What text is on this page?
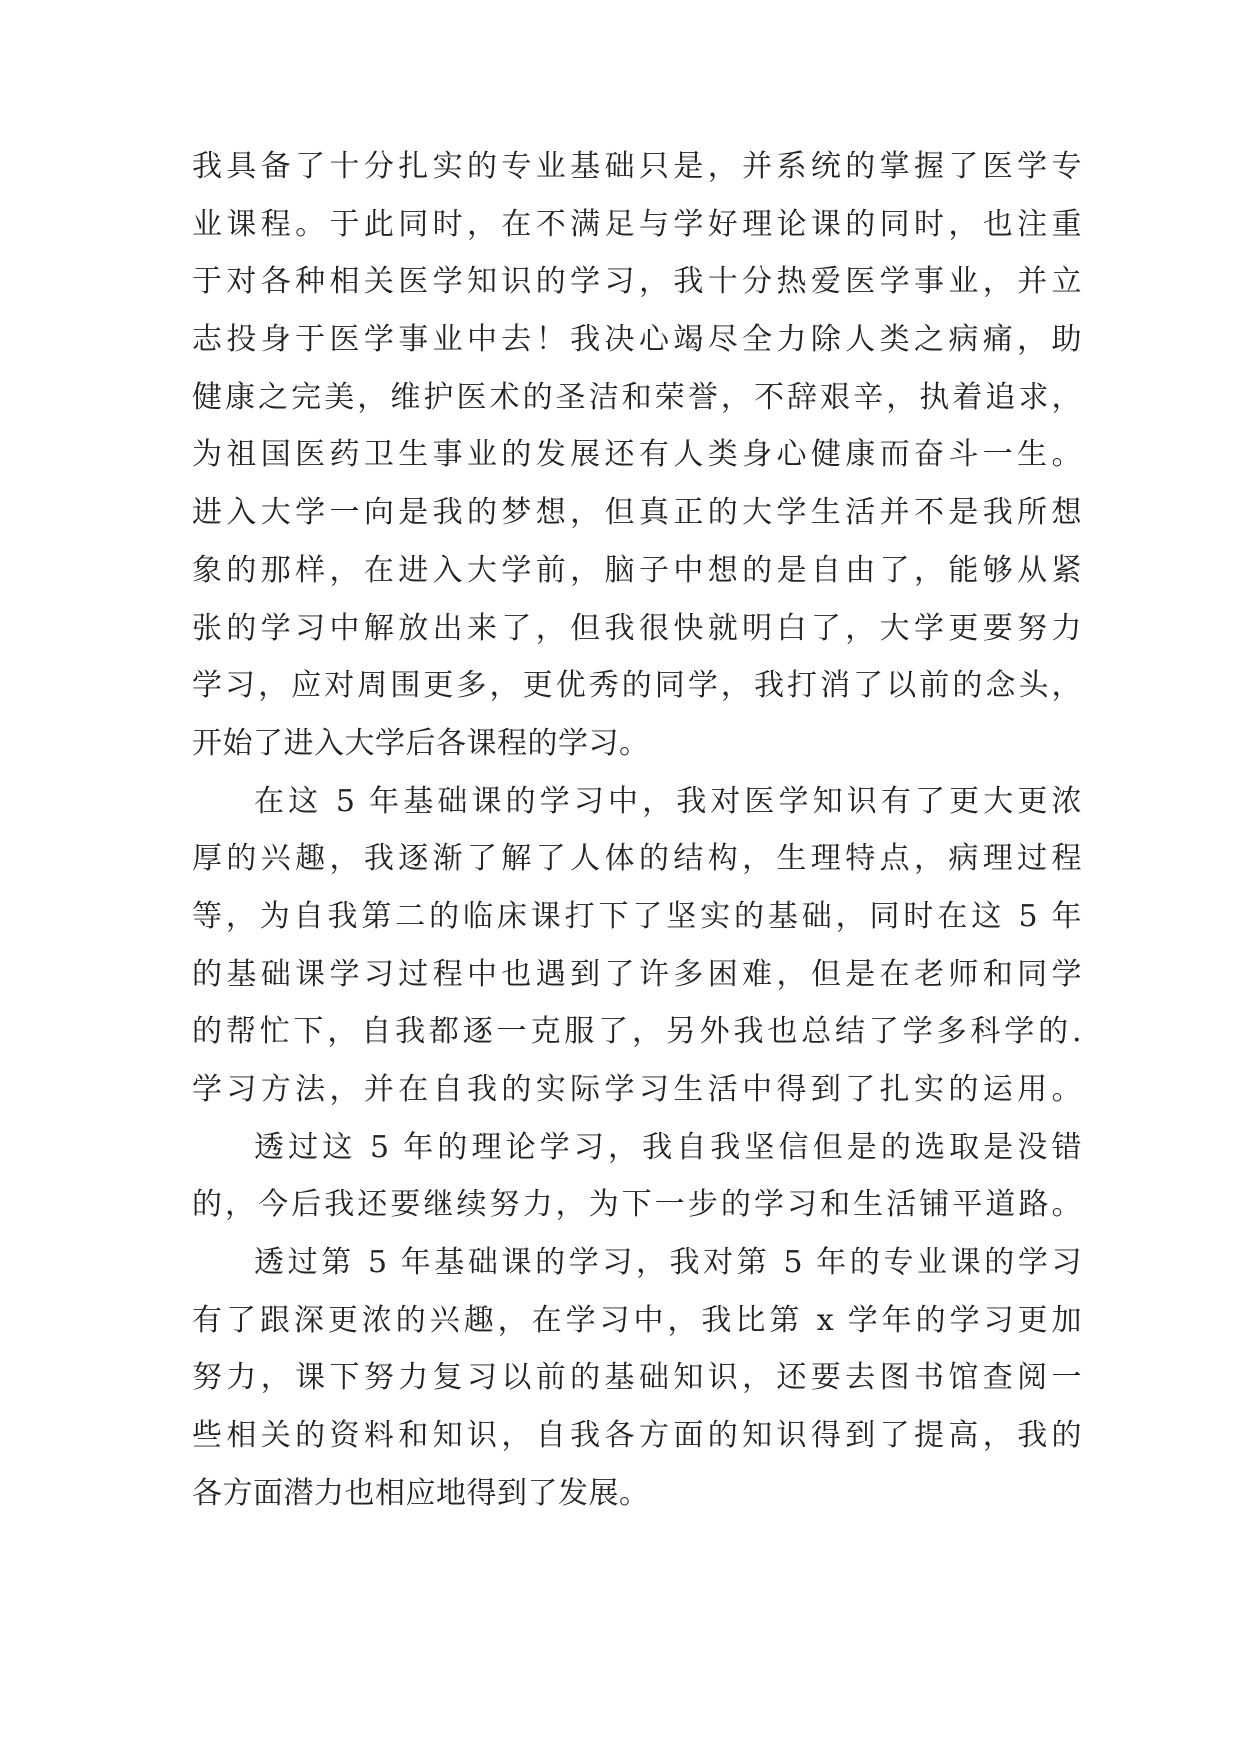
我具备了十分扎实的专业基础只是，并系统的掌握了医学专
业课程。于此同时，在不满足与学好理论课的同时，也注重
于对各种相关医学知识的学习，我十分热爱医学事业，并立
志投身于医学事业中去！我决心竭尽全力除人类之病痛，助
健康之完美，维护医术的圣洁和荣誉，不辞艰辛，执着追求，
为祖国医药卫生事业的发展还有人类身心健康而奋斗一生。
进入大学一向是我的梦想，但真正的大学生活并不是我所想
象的那样，在进入大学前，脑子中想的是自由了，能够从紧
张的学习中解放出来了，但我很快就明白了，大学更要努力
学习，应对周围更多，更优秀的同学，我打消了以前的念头，
开始了进入大学后各课程的学习。
在这 5 年基础课的学习中，我对医学知识有了更大更浓
厚的兴趣，我逐渐了解了人体的结构，生理特点，病理过程
等，为自我第二的临床课打下了坚实的基础，同时在这 5 年
的基础课学习过程中也遇到了许多困难，但是在老师和同学
的帮忙下，自我都逐一克服了，另外我也总结了学多科学的.
学习方法，并在自我的实际学习生活中得到了扎实的运用。
透过这 5 年的理论学习，我自我坚信但是的选取是没错
的，今后我还要继续努力，为下一步的学习和生活铺平道路。
透过第 5 年基础课的学习，我对第 5 年的专业课的学习
有了跟深更浓的兴趣，在学习中，我比第 x 学年的学习更加
努力，课下努力复习以前的基础知识，还要去图书馆查阅一
些相关的资料和知识，自我各方面的知识得到了提高，我的
各方面潜力也相应地得到了发展。
